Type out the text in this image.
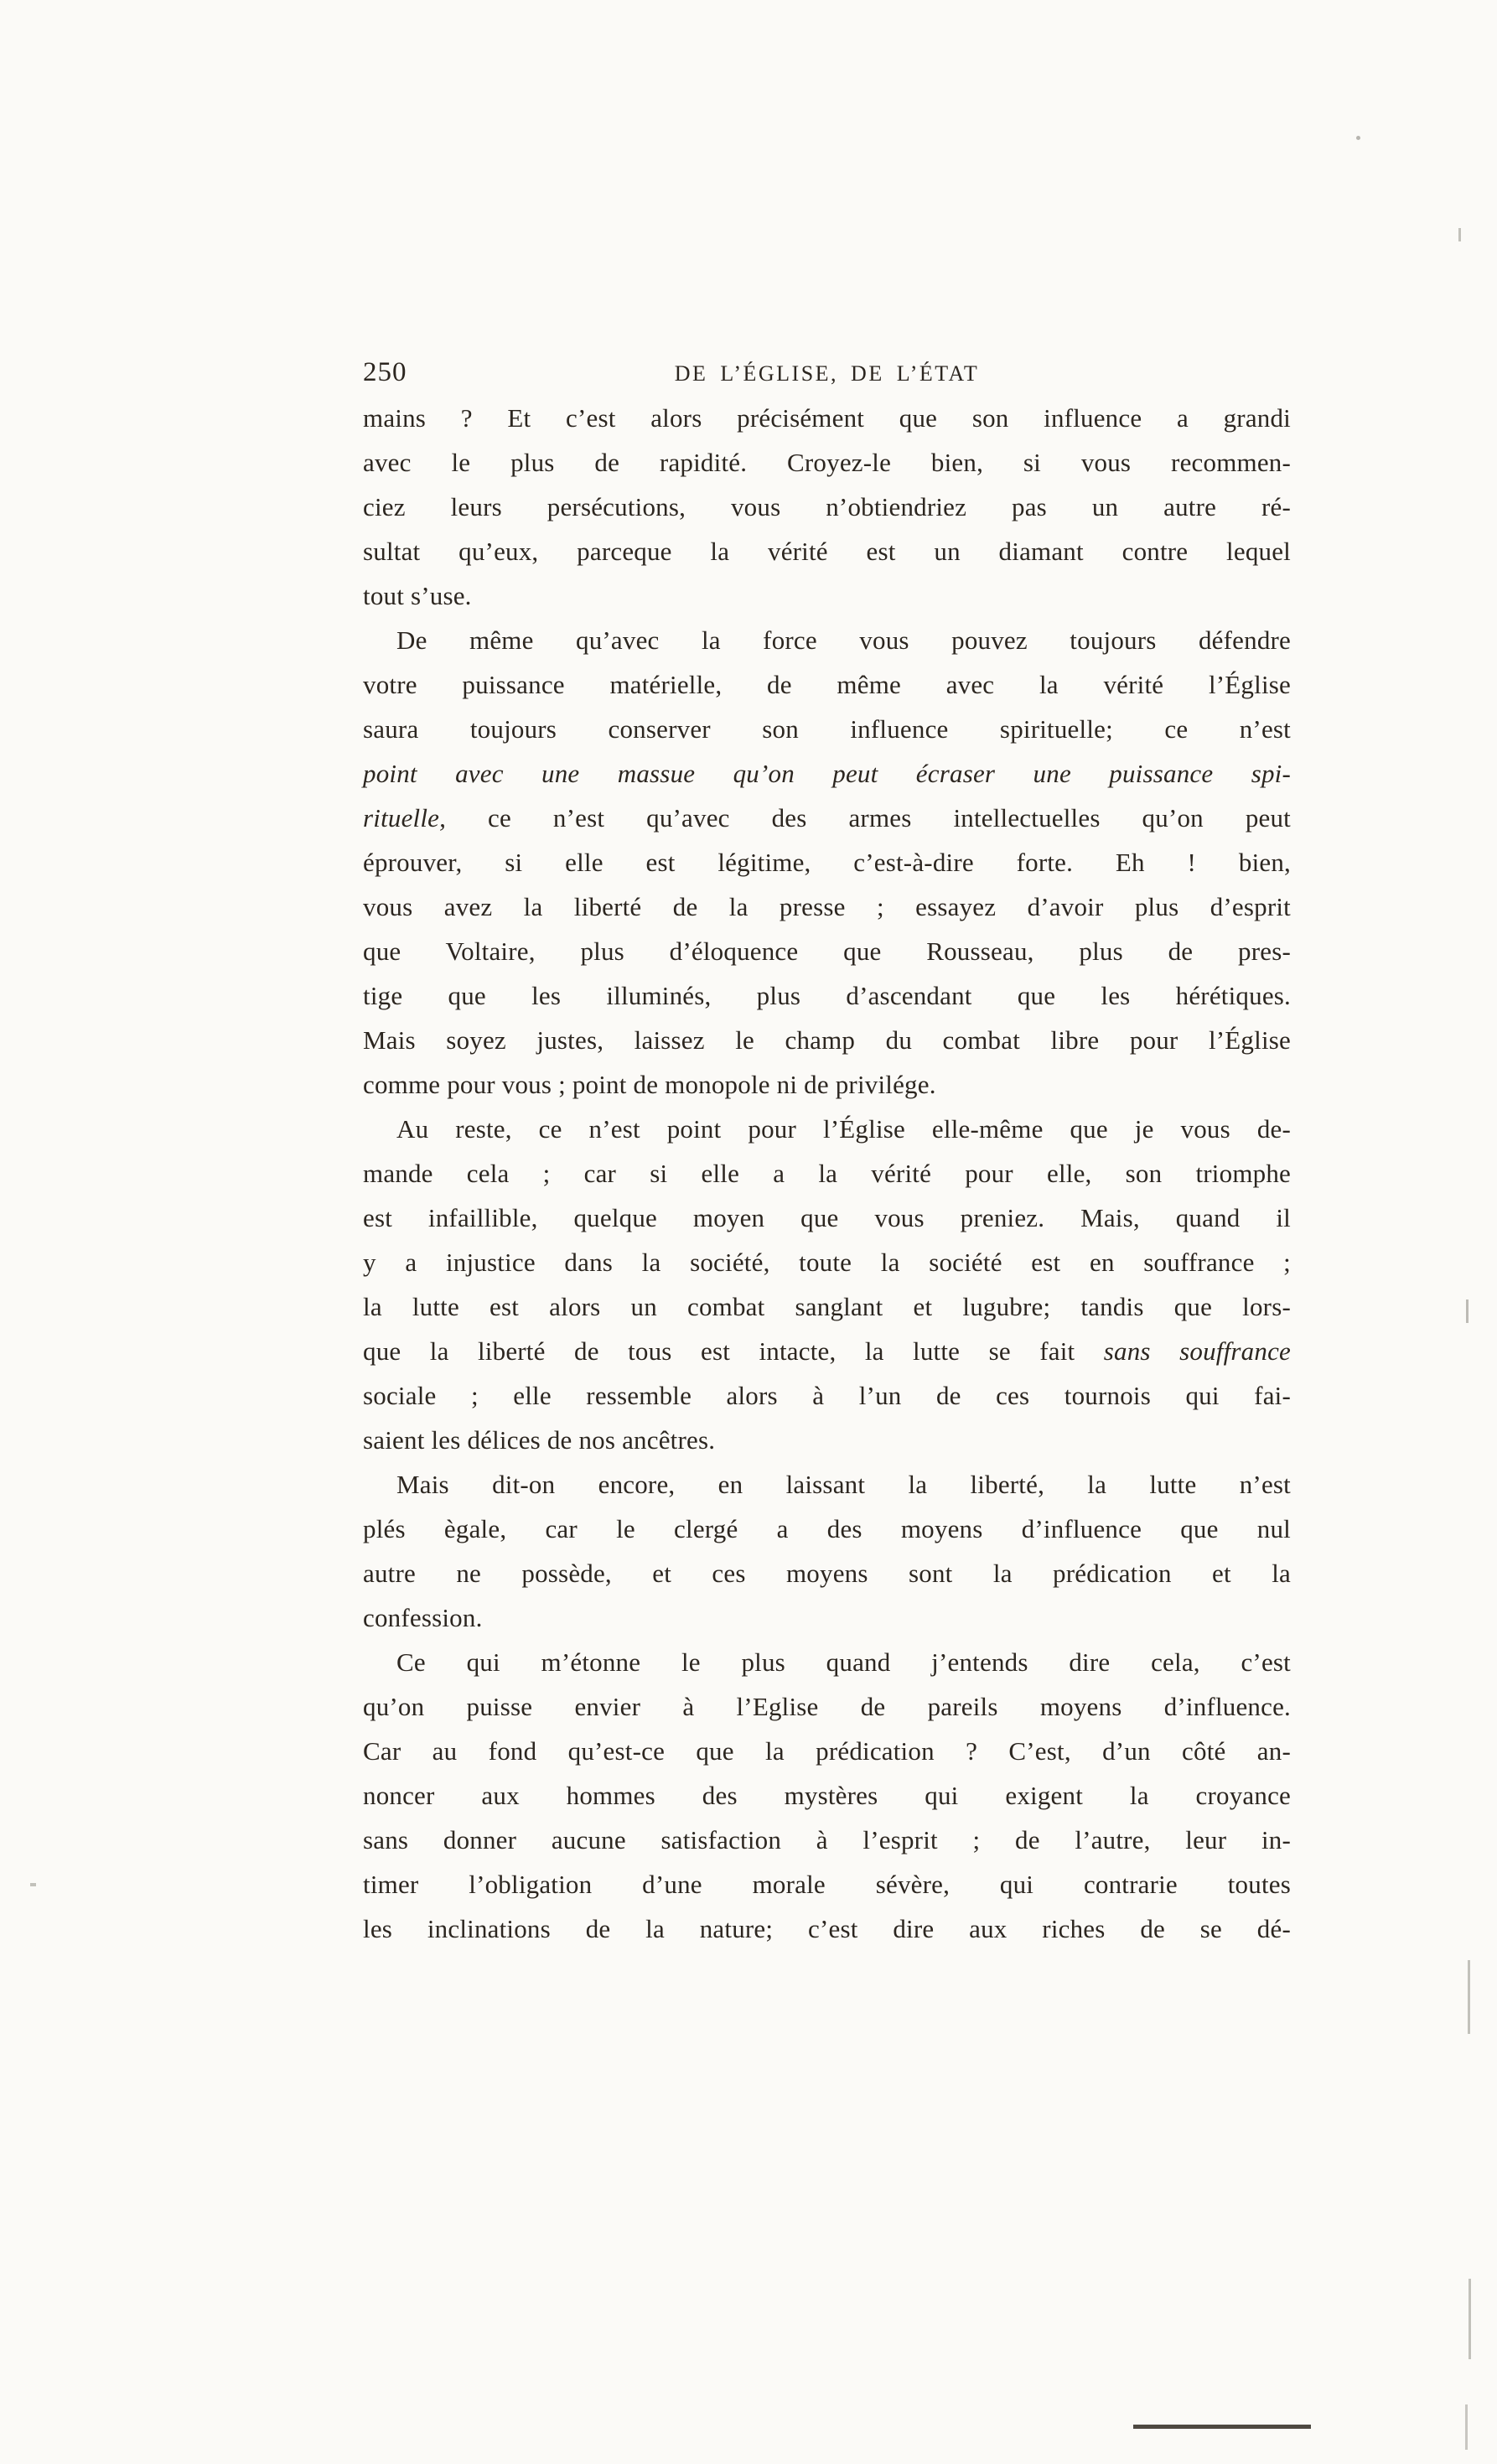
250	DE L’ÉGLISE, DE L’ÉTAT
mains ? Et c’est alors précisément que son influence a grandi
avec le plus de rapidité. Croyez-le bien, si vous recommen-
ciez leurs persécutions, vous n’obtiendriez pas un autre ré-
sultat qu’eux, parceque la vérité est un diamant contre lequel
tout s’use.
De même qu’avec la force vous pouvez toujours défendre
votre puissance matérielle, de même avec la vérité l’Église
saura toujours conserver son influence spirituelle; ce n’est
point avec une massue qu’on peut écraser une puissance spi-
rituelle, ce n’est qu’avec des armes intellectuelles qu’on peut
éprouver, si elle est légitime, c’est-à-dire forte. Eh ! bien,
vous avez la liberté de la presse ; essayez d’avoir plus d’esprit
que Voltaire, plus d’éloquence que Rousseau, plus de pres-
tige que les illuminés, plus d’ascendant que les hérétiques.
Mais soyez justes, laissez le champ du combat libre pour l’Église
comme pour vous ; point de monopole ni de privilége.
Au reste, ce n’est point pour l’Église elle-même que je vous de-
mande cela ; car si elle a la vérité pour elle, son triomphe
est infaillible, quelque moyen que vous preniez. Mais, quand il
y a injustice dans la société, toute la société est en souffrance ;
la lutte est alors un combat sanglant et lugubre; tandis que lors-
que la liberté de tous est intacte, la lutte se fait sans souffrance
sociale ; elle ressemble alors à l’un de ces tournois qui fai-
saient les délices de nos ancêtres.
Mais dit-on encore, en laissant la liberté, la lutte n’est
plés ègale, car le clergé a des moyens d’influence que nul
autre ne possède, et ces moyens sont la prédication et la
confession.
Ce qui m’étonne le plus quand j’entends dire cela, c’est
qu’on puisse envier à l’Eglise de pareils moyens d’influence.
Car au fond qu’est-ce que la prédication ? C’est, d’un côté an-
noncer aux hommes des mystères qui exigent la croyance
sans donner aucune satisfaction à l’esprit ; de l’autre, leur in-
timer l’obligation d’une morale sévère, qui contrarie toutes
les inclinations de la nature; c’est dire aux riches de se dé-
